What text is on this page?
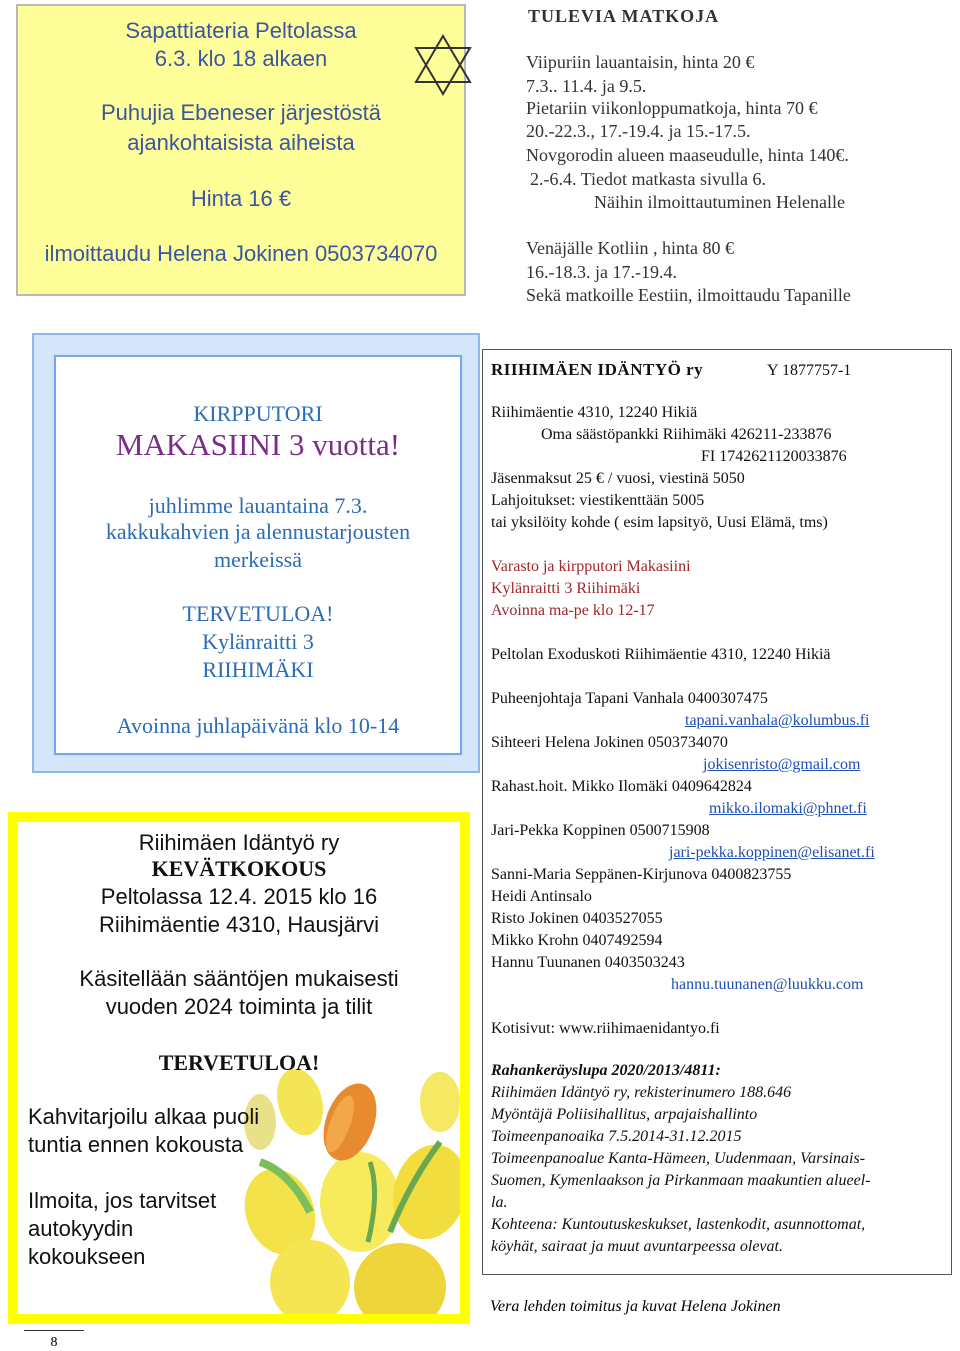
Sapattiateria Peltolassa
6.3. klo 18 alkaen
Puhujia Ebeneser järjestöstä
ajankohtaisista aiheista
Hinta 16 €
ilmoittaudu Helena Jokinen 0503734070
TULEVIA MATKOJA
Viipuriin lauantaisin, hinta 20 €
7.3.. 11.4. ja 9.5.
Pietariin viikonloppumatkoja, hinta 70 €
20.-22.3., 17.-19.4. ja 15.-17.5.
Novgorodin alueen maaseudulle, hinta 140€.
2.-6.4. Tiedot matkasta sivulla 6.
Näihin ilmoittautuminen Helenalle
Venäjälle Kotliin , hinta 80 €
16.-18.3. ja 17.-19.4.
Sekä matkoille Eestiin, ilmoittaudu Tapanille
KIRPPUTORI
MAKASIINI 3 vuotta!
juhlimme lauantaina 7.3.
kakkukahvien ja alennustarjousten
merkeissä
TERVETULOA!
Kylänraitti 3
RIIHIMÄKI
Avoinna juhlapäivänä klo 10-14
Riihimäen Idäntyö ry
KEVÄTKOKOUS
Peltolassa 12.4. 2015 klo 16
Riihimäentie 4310, Hausjärvi
Käsitellään sääntöjen mukaisesti
vuoden 2024 toiminta ja tilit
TERVETULOA!
Kahvitarjoilu alkaa puoli
tuntia ennen kokousta
Ilmoita, jos tarvitset
autokyydin
kokoukseen
RIIHIMÄEN IDÄNTYÖ ry	Y 1877757-1
Riihimäentie 4310, 12240 Hikiä
Oma säästöpankki Riihimäki 426211-233876
FI 1742621120033876
Jäsenmaksut 25 € / vuosi, viestinä 5050
Lahjoitukset: viestikenttään 5005
tai yksilöity kohde ( esim lapsityö, Uusi Elämä, tms)
Varasto ja kirpputori Makasiini
Kylänraitti 3 Riihimäki
Avoinna ma-pe klo 12-17
Peltolan Exoduskoti Riihimäentie 4310, 12240 Hikiä
Puheenjohtaja Tapani Vanhala 0400307475
tapani.vanhala@kolumbus.fi
Sihteeri Helena Jokinen 0503734070
jokisenristo@gmail.com
Rahast.hoit. Mikko Ilomäki 0409642824
mikko.ilomaki@phnet.fi
Jari-Pekka Koppinen 0500715908
jari-pekka.koppinen@elisanet.fi
Sanni-Maria Seppänen-Kirjunova 0400823755
Heidi Antinsalo
Risto Jokinen 0403527055
Mikko Krohn 0407492594
Hannu Tuunanen 0403503243
hannu.tuunanen@luukku.com
Kotisivut: www.riihimaenidantyo.fi
Rahankeräyslupa 2020/2013/4811:
Riihimäen Idäntyö ry, rekisterinumero 188.646
Myöntäjä Poliisihallitus, arpajaishallinto
Toimeenpanoaika 7.5.2014-31.12.2015
Toimeenpanoalue Kanta-Hämeen, Uudenmaan, Varsinais-
Suomen, Kymenlaakson ja Pirkanmaan maakuntien alueel-
la.
Kohteena: Kuntoutuskeskukset, lastenkodit, asunnottomat,
köyhät, sairaat ja muut avuntarpeessa olevat.
Vera lehden toimitus ja kuvat Helena Jokinen
8
